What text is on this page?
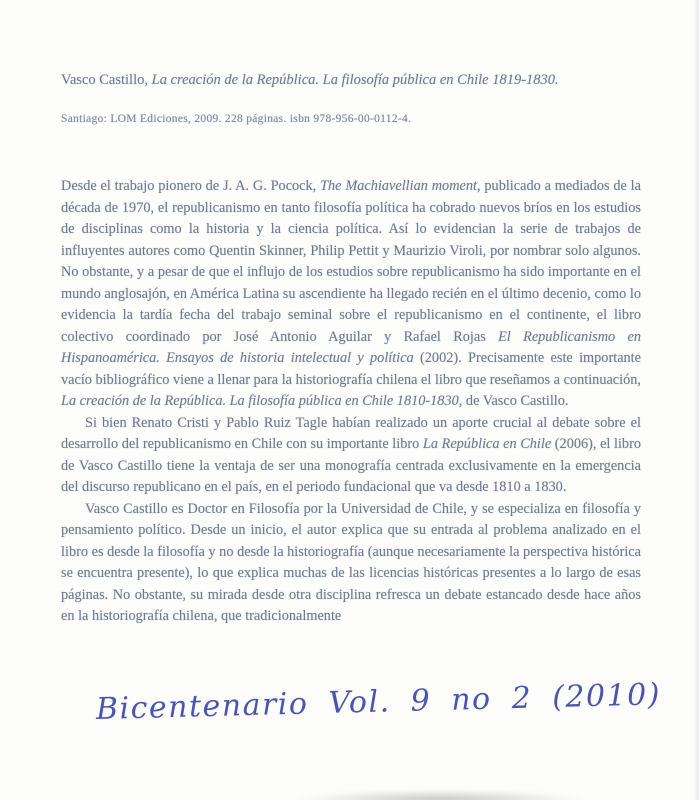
Vasco Castillo, La creación de la República. La filosofía pública en Chile 1819-1830.

Santiago: LOM Ediciones, 2009. 228 páginas. isbn 978-956-00-0112-4.

Desde el trabajo pionero de J. A. G. Pocock, The Machiavellian moment, publicado a mediados de la década de 1970, el republicanismo en tanto filosofía política ha cobrado nuevos bríos en los estudios de disciplinas como la historia y la ciencia política. Así lo evidencian la serie de trabajos de influyentes autores como Quentin Skinner, Philip Pettit y Maurizio Viroli, por nombrar solo algunos. No obstante, y a pesar de que el influjo de los estudios sobre republicanismo ha sido importante en el mundo anglosajón, en América Latina su ascendiente ha llegado recién en el último decenio, como lo evidencia la tardía fecha del trabajo seminal sobre el republicanismo en el continente, el libro colectivo coordinado por José Antonio Aguilar y Rafael Rojas El Republicanismo en Hispanoamérica. Ensayos de historia intelectual y política (2002). Precisamente este importante vacío bibliográfico viene a llenar para la historiografía chilena el libro que reseñamos a continuación, La creación de la República. La filosofía pública en Chile 1810-1830, de Vasco Castillo.

Si bien Renato Cristi y Pablo Ruiz Tagle habían realizado un aporte crucial al debate sobre el desarrollo del republicanismo en Chile con su importante libro La República en Chile (2006), el libro de Vasco Castillo tiene la ventaja de ser una monografía centrada exclusivamente en la emergencia del discurso republicano en el país, en el periodo fundacional que va desde 1810 a 1830.

Vasco Castillo es Doctor en Filosofía por la Universidad de Chile, y se especializa en filosofía y pensamiento político. Desde un inicio, el autor explica que su entrada al problema analizado en el libro es desde la filosofía y no desde la historiografía (aunque necesariamente la perspectiva histórica se encuentra presente), lo que explica muchas de las licencias históricas presentes a lo largo de esas páginas. No obstante, su mirada desde otra disciplina refresca un debate estancado desde hace años en la historiografía chilena, que tradicionalmente

Bicentenario Vol. 9 no 2 (2010)
